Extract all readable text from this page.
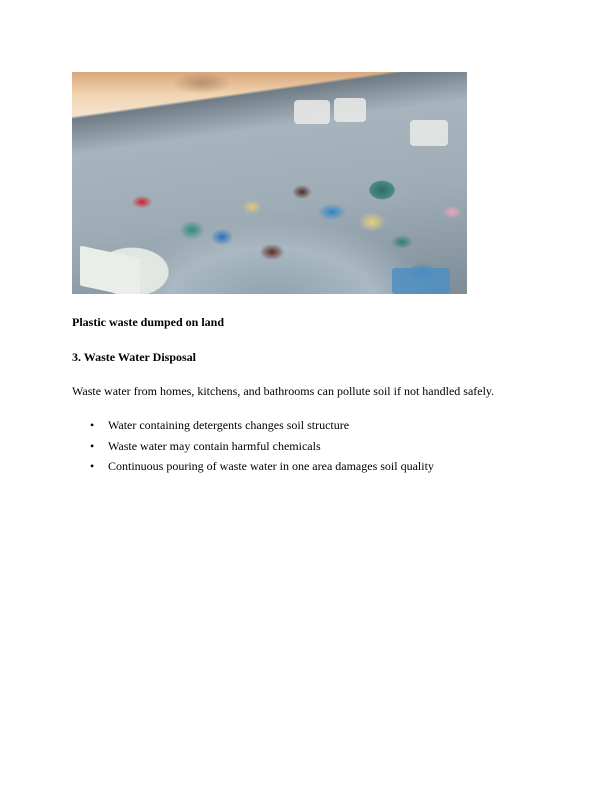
Plastic waste dumped on land

3. Waste Water Disposal

Waste water from homes, kitchens, and bathrooms can pollute soil if not handled safely.

• Water containing detergents changes soil structure
• Waste water may contain harmful chemicals
• Continuous pouring of waste water in one area damages soil quality
